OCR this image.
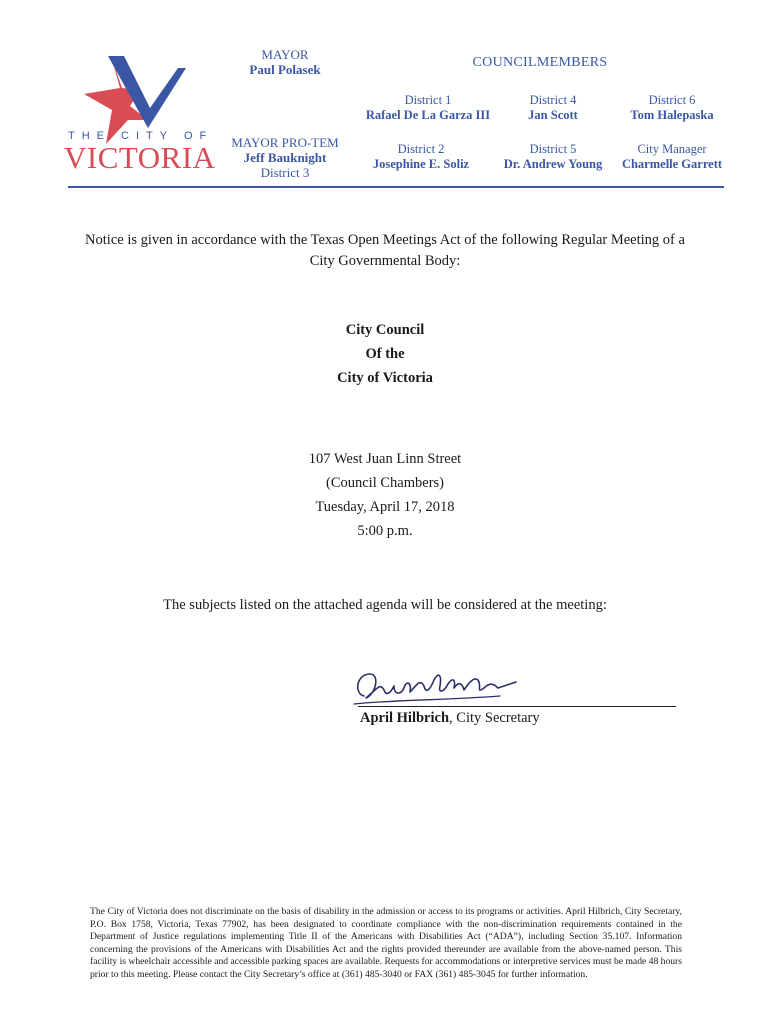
THE CITY OF
VICTORIA
MAYOR
Paul Polasek
MAYOR PRO-TEM
Jeff Bauknight
District 3
COUNCILMEMBERS
District 1
Rafael De La Garza III
District 4
Jan Scott
District 6
Tom Halepaska
District 2
Josephine E. Soliz
District 5
Dr. Andrew Young
City Manager
Charmelle Garrett
Notice is given in accordance with the Texas Open Meetings Act of the following Regular Meeting of a City Governmental Body:
City Council
Of the
City of Victoria
107 West Juan Linn Street
(Council Chambers)
Tuesday, April 17, 2018
5:00 p.m.
The subjects listed on the attached agenda will be considered at the meeting:
April Hilbrich, City Secretary
The City of Victoria does not discriminate on the basis of disability in the admission or access to its programs or activities. April Hilbrich, City Secretary, P.O. Box 1758, Victoria, Texas 77902, has been designated to coordinate compliance with the non-discrimination requirements contained in the Department of Justice regulations implementing Title II of the Americans with Disabilities Act (“ADA”), including Section 35.107. Information concerning the provisions of the Americans with Disabilities Act and the rights provided thereunder are available from the above-named person. This facility is wheelchair accessible and accessible parking spaces are available. Requests for accommodations or interpretive services must be made 48 hours prior to this meeting. Please contact the City Secretary’s office at (361) 485-3040 or FAX (361) 485-3045 for further information.
